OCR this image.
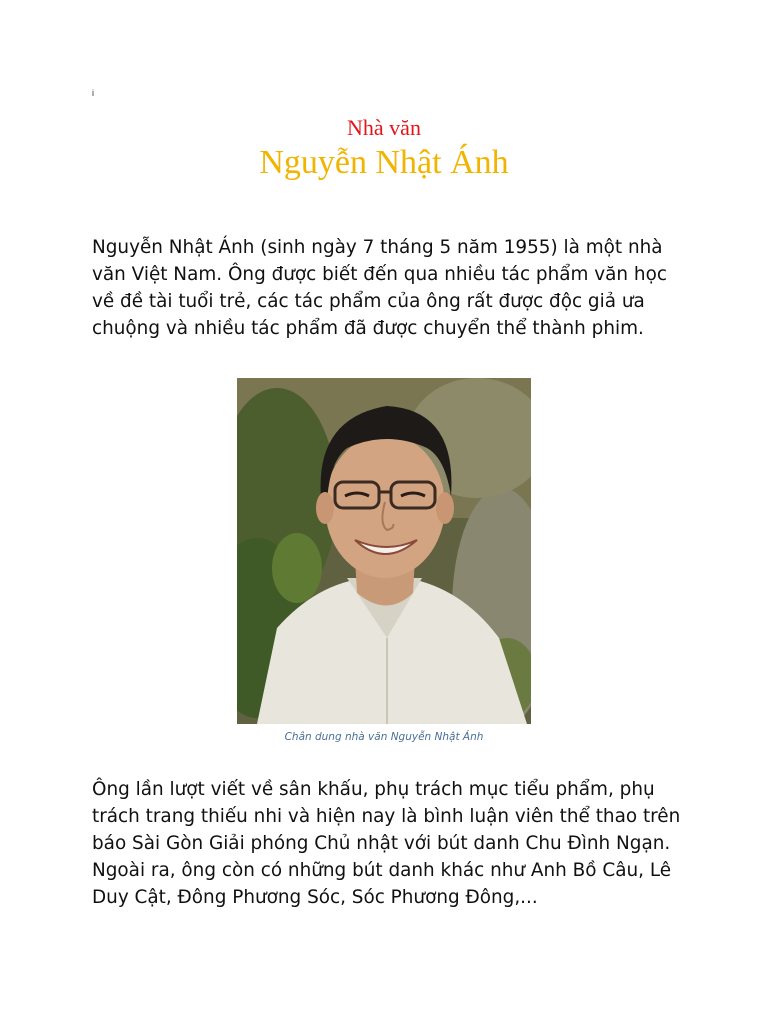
i
Nhà văn
Nguyễn Nhật Ánh

Nguyễn Nhật Ánh (sinh ngày 7 tháng 5 năm 1955) là một nhà văn Việt Nam. Ông được biết đến qua nhiều tác phẩm văn học về đề tài tuổi trẻ, các tác phẩm của ông rất được độc giả ưa chuộng và nhiều tác phẩm đã được chuyển thể thành phim.

Chân dung nhà văn Nguyễn Nhật Ánh

Ông lần lượt viết về sân khấu, phụ trách mục tiểu phẩm, phụ trách trang thiếu nhi và hiện nay là bình luận viên thể thao trên báo Sài Gòn Giải phóng Chủ nhật với bút danh Chu Đình Ngạn. Ngoài ra, ông còn có những bút danh khác như Anh Bồ Câu, Lê Duy Cật, Đông Phương Sóc, Sóc Phương Đông,...
